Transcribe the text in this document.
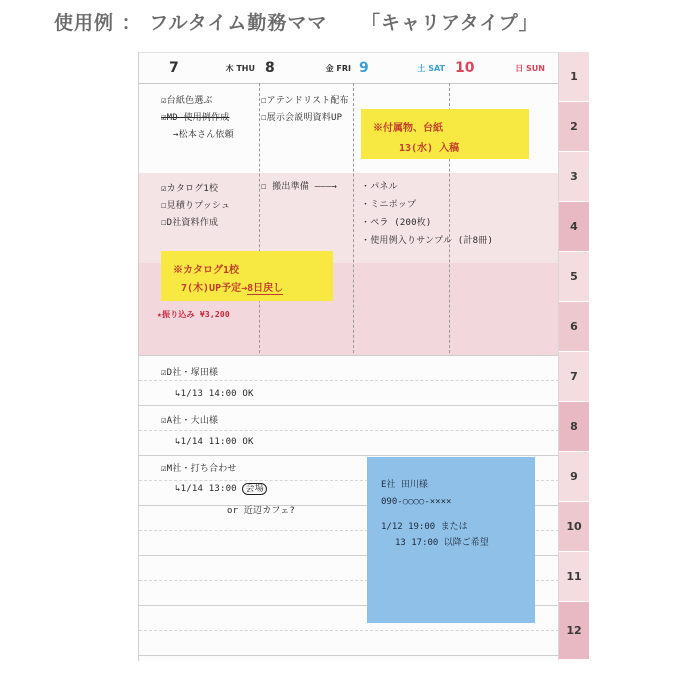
使用例 ： フルタイム勤務ママ 「キャリアタイプ」
7	木 THU 8	金 FRI 9	土 SAT 10	日 SUN
☑台紙色選ぶ
☑MD 使用例作成
→松本さん依頼
☑カタログ1校
☐見積りプッシュ
☐D社資料作成
★振り込み ¥3,200
☐アテンドリスト配布
☐展示会説明資料UP
☐ 搬出準備 ———→	・パネル
・ミニポップ
・ペラ (200枚)
・使用例入りサンプル (計8冊)
☑D社・塚田様
↳1/13 14:00 OK
☑A社・大山様
↳1/14 11:00 OK
☑M社・打ち合わせ
↳1/14 13:00 会場
or 近辺カフェ?
※付属物、台紙
13(水) 入稿
※カタログ1校
7(木)UP予定→8日戻し
E社 田川様
090-○○○○-××××
1/12 19:00 または
13 17:00 以降ご希望
1
2
3
4
5
6
7
8
9
10
11
12
